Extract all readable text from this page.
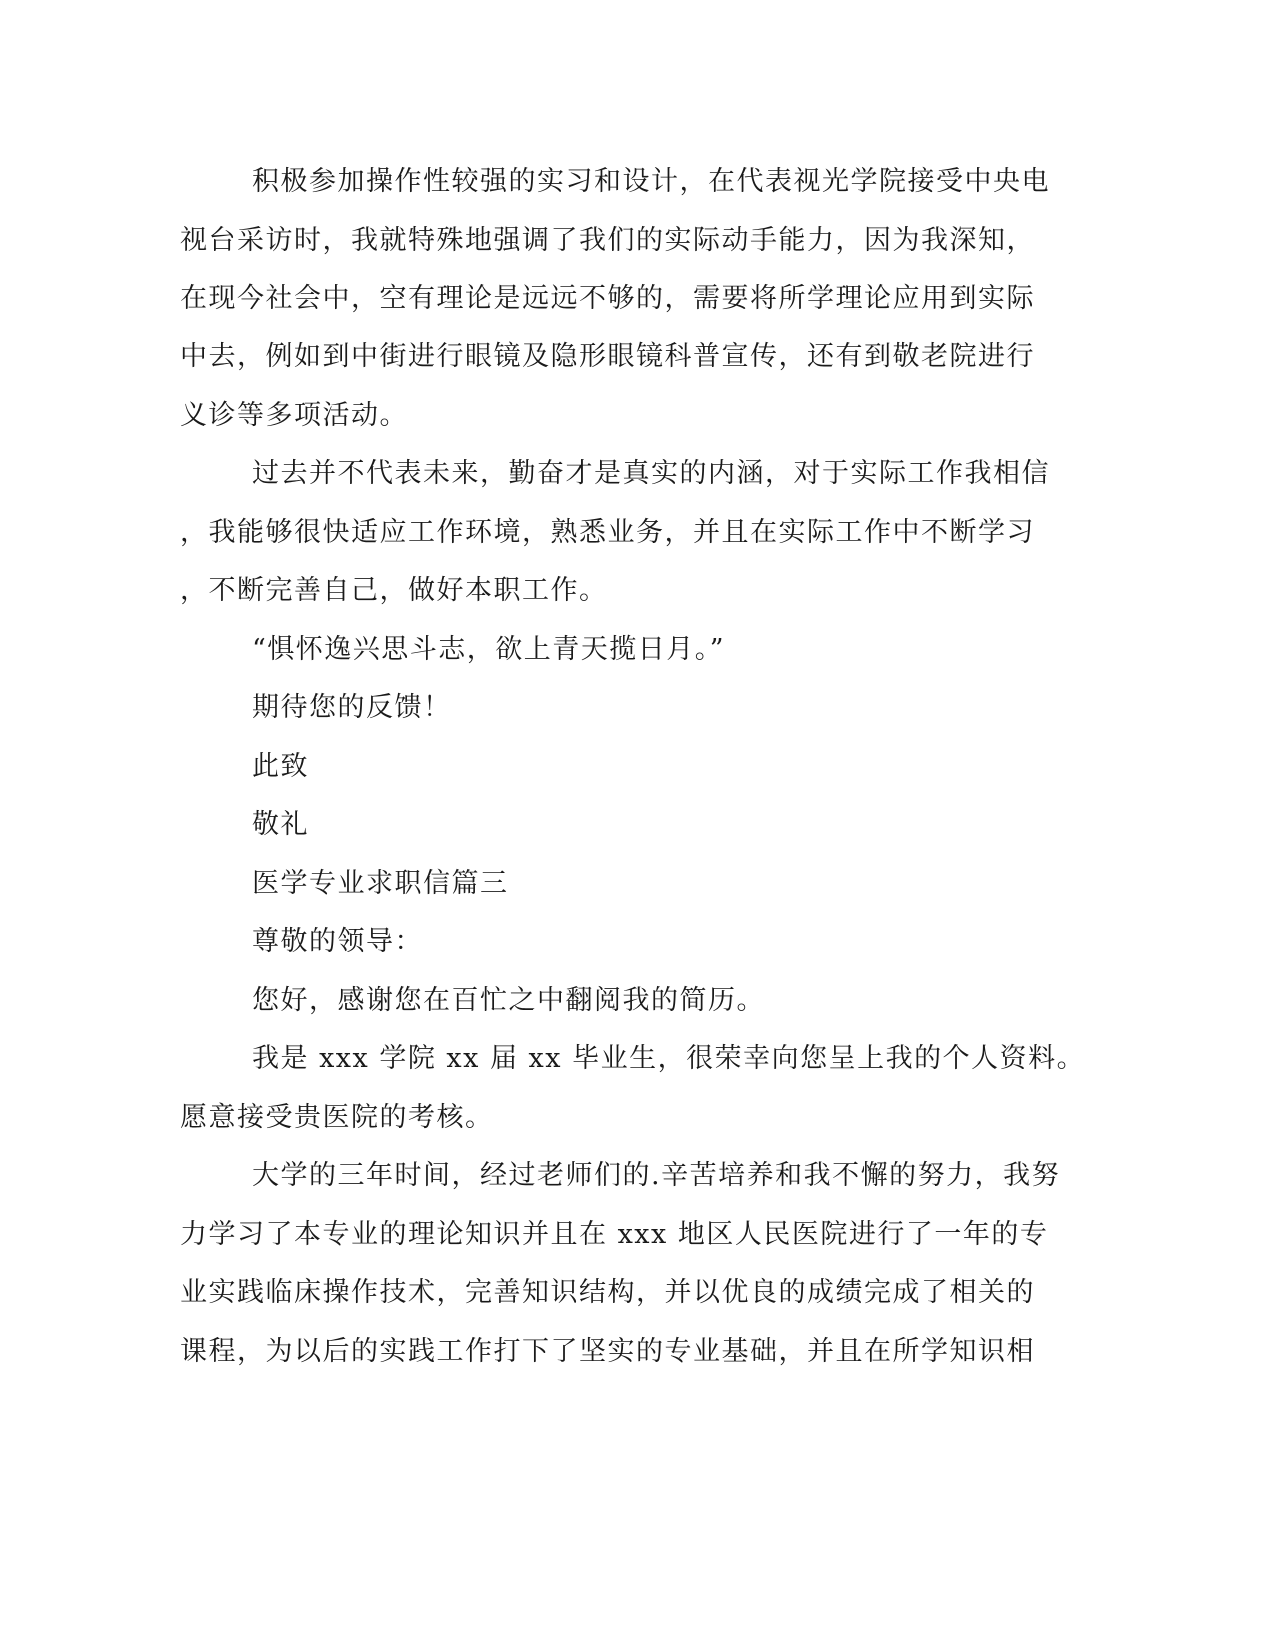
积极参加操作性较强的实习和设计，在代表视光学院接受中央电
视台采访时，我就特殊地强调了我们的实际动手能力，因为我深知，
在现今社会中，空有理论是远远不够的，需要将所学理论应用到实际
中去，例如到中街进行眼镜及隐形眼镜科普宣传，还有到敬老院进行
义诊等多项活动。
过去并不代表未来，勤奋才是真实的内涵，对于实际工作我相信
，我能够很快适应工作环境，熟悉业务，并且在实际工作中不断学习
，不断完善自己，做好本职工作。
“惧怀逸兴思斗志，欲上青天揽日月。”
期待您的反馈！
此致
敬礼
医学专业求职信篇三
尊敬的领导：
您好，感谢您在百忙之中翻阅我的简历。
我是 xxx 学院 xx 届 xx 毕业生，很荣幸向您呈上我的个人资料。
愿意接受贵医院的考核。
大学的三年时间，经过老师们的.辛苦培养和我不懈的努力，我努
力学习了本专业的理论知识并且在 xxx 地区人民医院进行了一年的专
业实践临床操作技术，完善知识结构，并以优良的成绩完成了相关的
课程，为以后的实践工作打下了坚实的专业基础，并且在所学知识相
